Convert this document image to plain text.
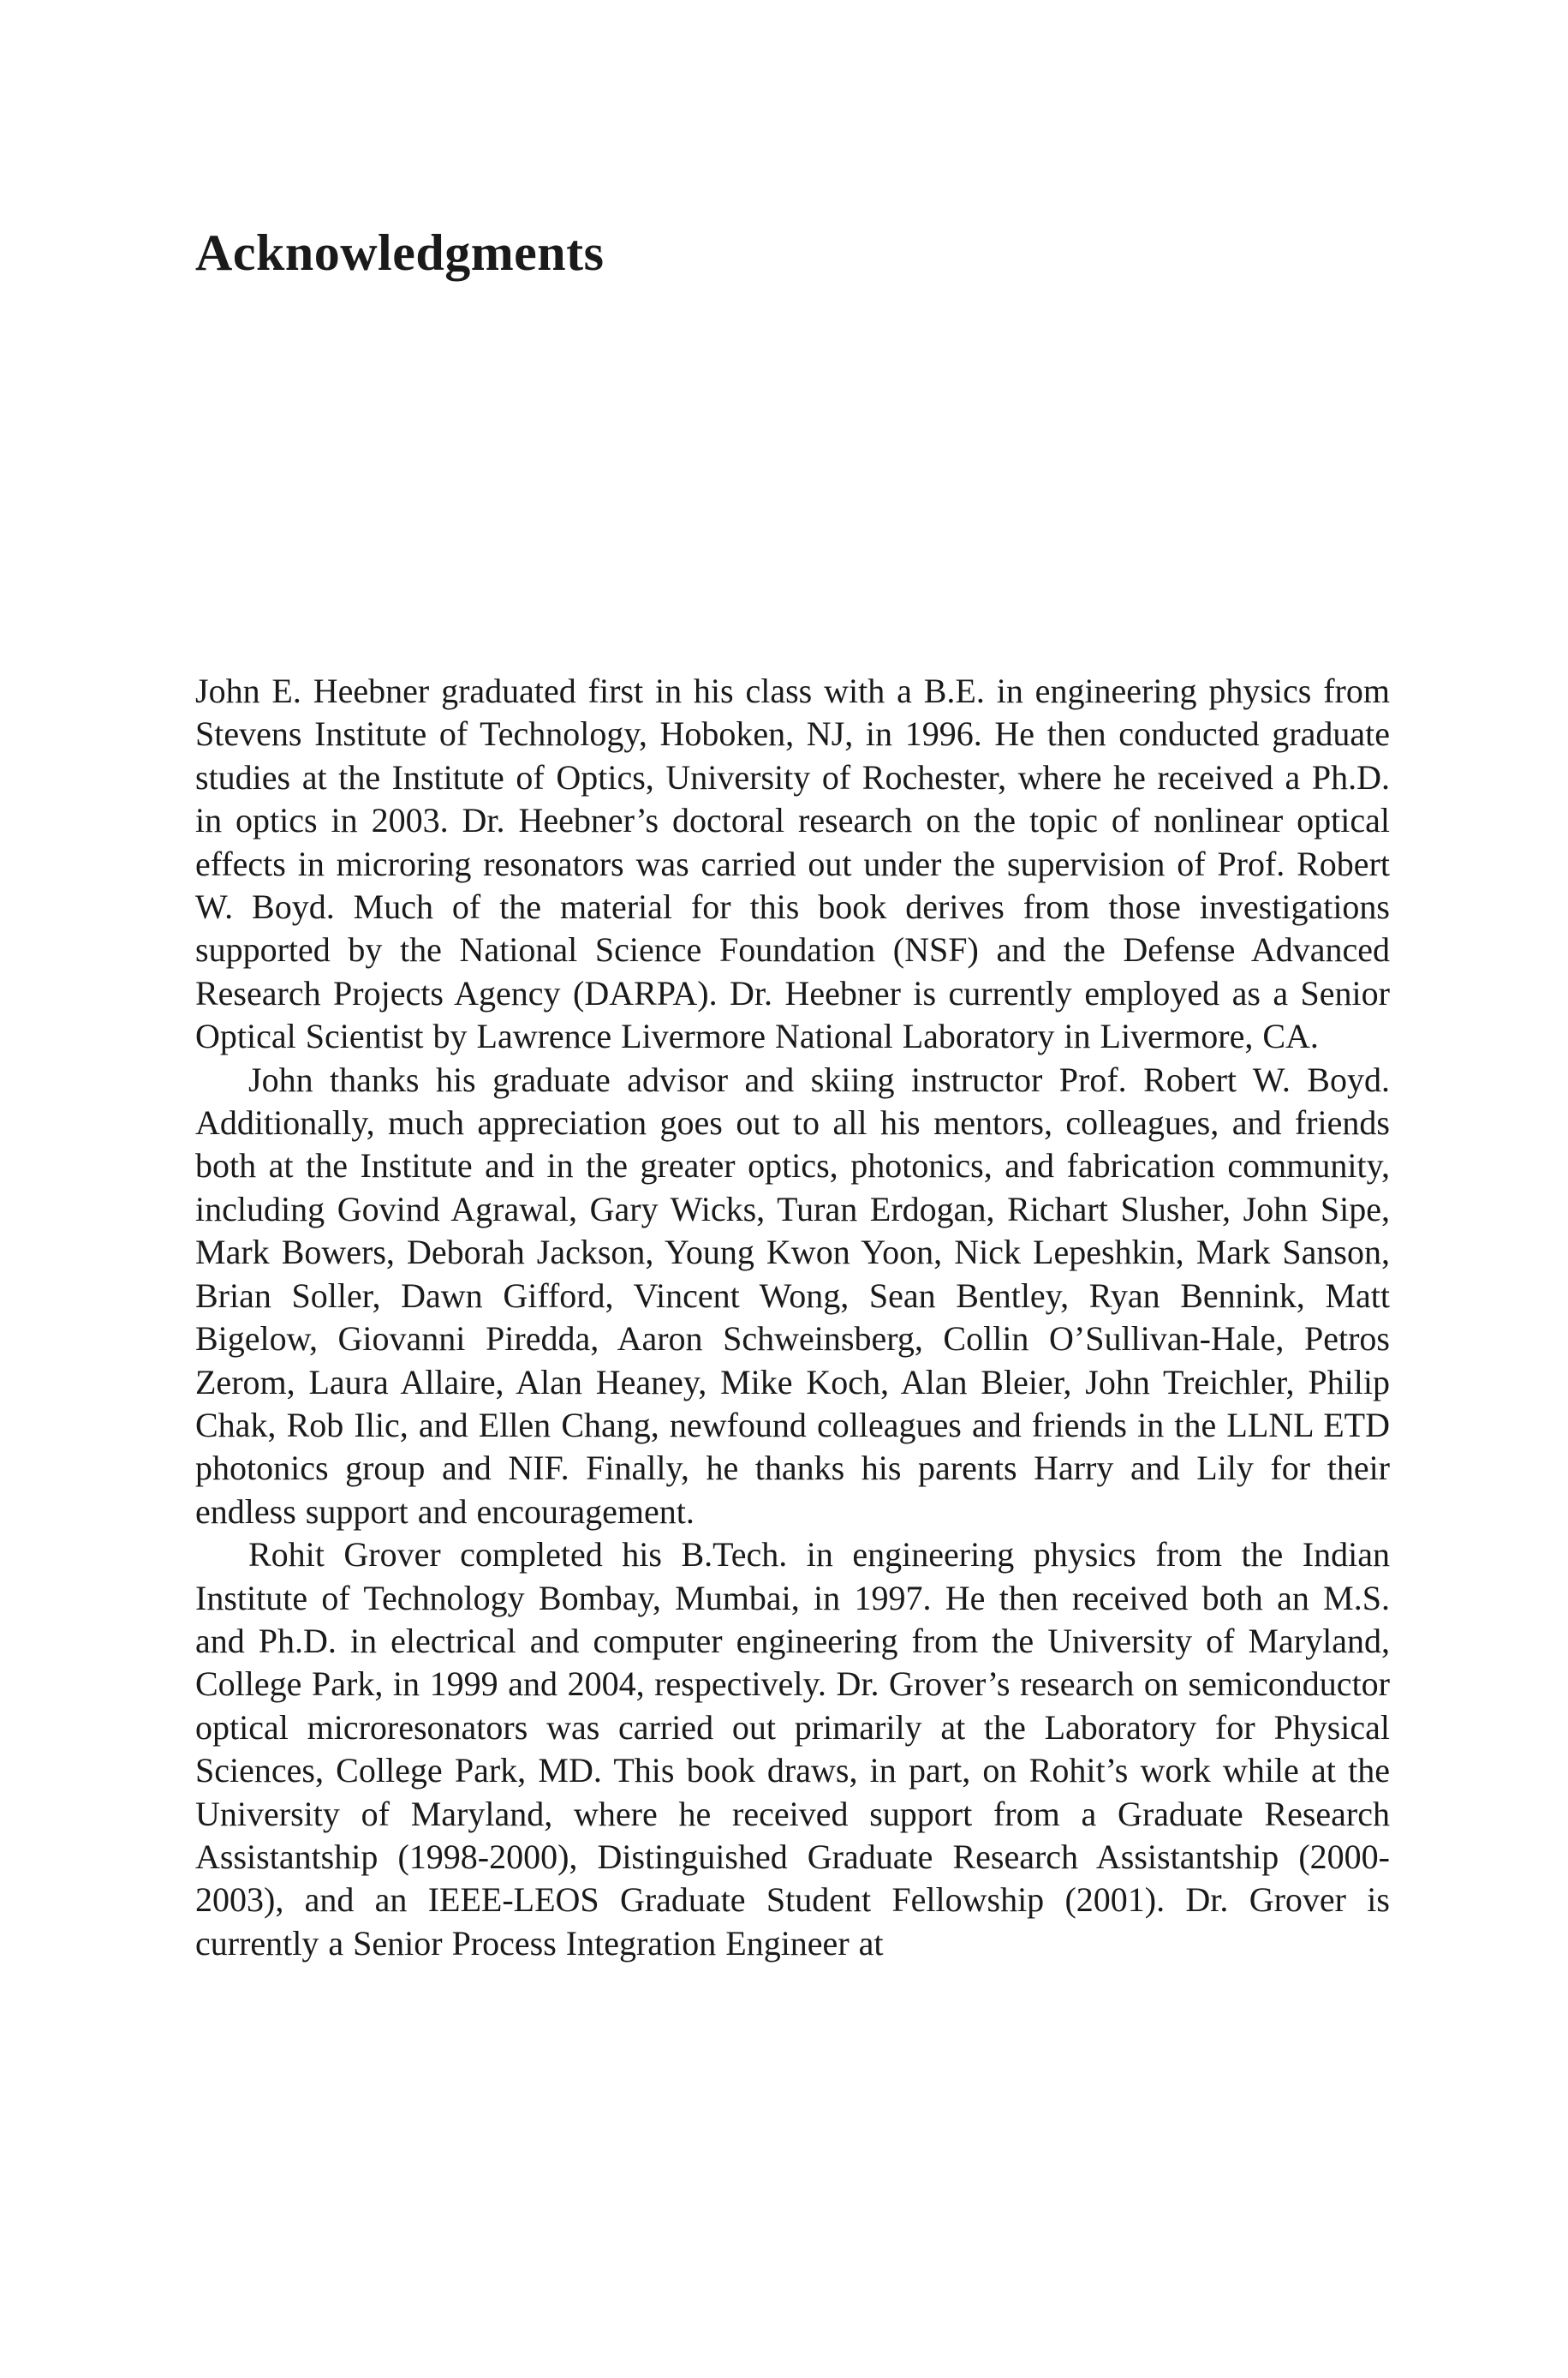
Acknowledgments

John E. Heebner graduated first in his class with a B.E. in engineering physics from Stevens Institute of Technology, Hoboken, NJ, in 1996. He then conducted graduate studies at the Institute of Optics, University of Rochester, where he received a Ph.D. in optics in 2003. Dr. Heebner’s doctoral research on the topic of nonlinear optical effects in microring resonators was carried out under the supervision of Prof. Robert W. Boyd. Much of the material for this book derives from those investigations supported by the National Science Foundation (NSF) and the Defense Advanced Research Projects Agency (DARPA). Dr. Heebner is currently employed as a Senior Optical Scientist by Lawrence Livermore National Laboratory in Livermore, CA.

John thanks his graduate advisor and skiing instructor Prof. Robert W. Boyd. Additionally, much appreciation goes out to all his mentors, colleagues, and friends both at the Institute and in the greater optics, photonics, and fabrication community, including Govind Agrawal, Gary Wicks, Turan Erdogan, Richart Slusher, John Sipe, Mark Bowers, Deborah Jackson, Young Kwon Yoon, Nick Lepeshkin, Mark Sanson, Brian Soller, Dawn Gifford, Vincent Wong, Sean Bentley, Ryan Bennink, Matt Bigelow, Giovanni Piredda, Aaron Schweinsberg, Collin O’Sullivan-Hale, Petros Zerom, Laura Allaire, Alan Heaney, Mike Koch, Alan Bleier, John Treichler, Philip Chak, Rob Ilic, and Ellen Chang, newfound colleagues and friends in the LLNL ETD photonics group and NIF. Finally, he thanks his parents Harry and Lily for their endless support and encouragement.

Rohit Grover completed his B.Tech. in engineering physics from the Indian Institute of Technology Bombay, Mumbai, in 1997. He then received both an M.S. and Ph.D. in electrical and computer engineering from the University of Maryland, College Park, in 1999 and 2004, respectively. Dr. Grover’s research on semiconductor optical microresonators was carried out primarily at the Laboratory for Physical Sciences, College Park, MD. This book draws, in part, on Rohit’s work while at the University of Maryland, where he received support from a Graduate Research Assistantship (1998-2000), Distinguished Graduate Research Assistantship (2000-2003), and an IEEE-LEOS Graduate Student Fellowship (2001). Dr. Grover is currently a Senior Process Integration Engineer at
